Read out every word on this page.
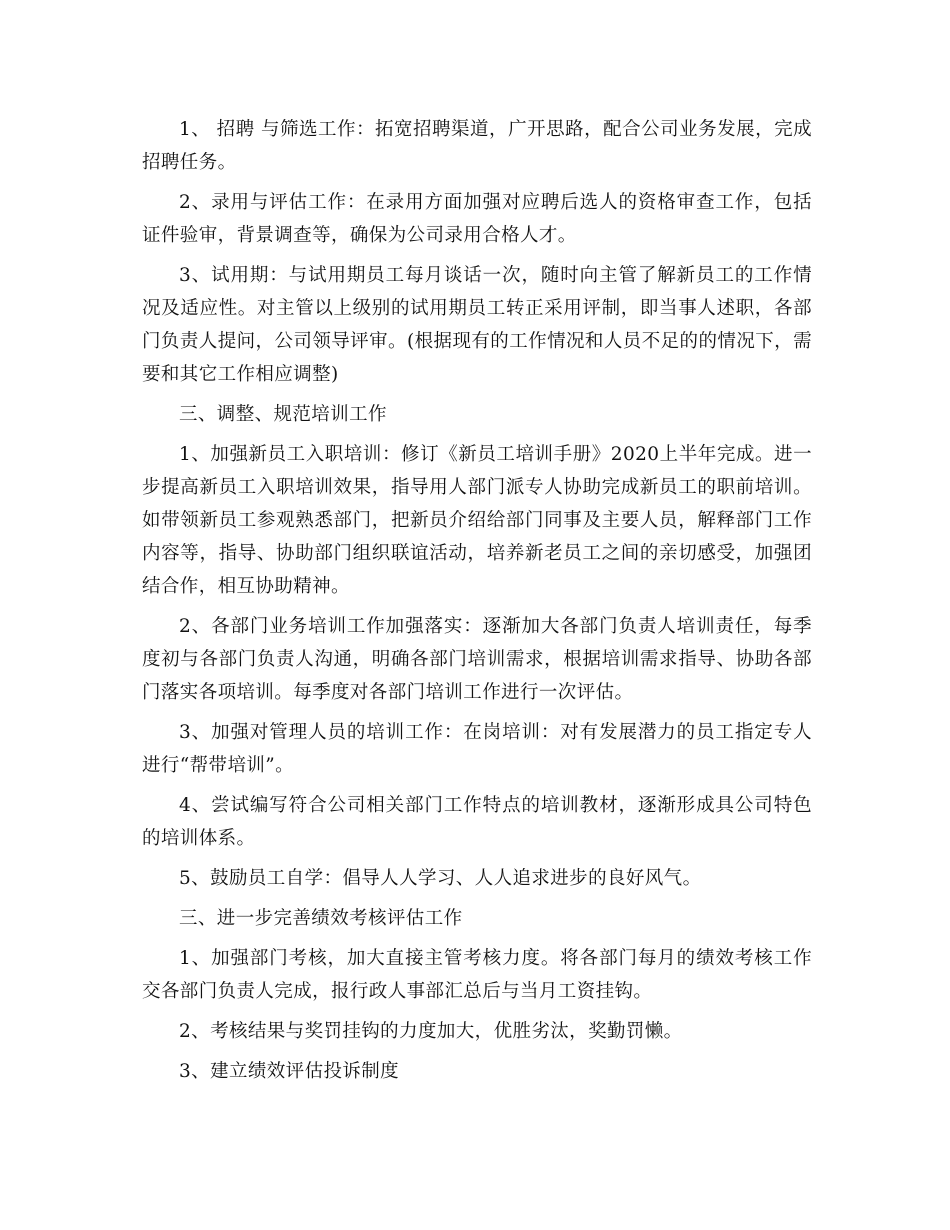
1、 招聘 与筛选工作：拓宽招聘渠道，广开思路，配合公司业务发展，完成招聘任务。

2、录用与评估工作：在录用方面加强对应聘后选人的资格审查工作，包括证件验审，背景调查等，确保为公司录用合格人才。

3、试用期：与试用期员工每月谈话一次，随时向主管了解新员工的工作情况及适应性。对主管以上级别的试用期员工转正采用评制，即当事人述职，各部门负责人提问，公司领导评审。(根据现有的工作情况和人员不足的的情况下，需要和其它工作相应调整)

三、调整、规范培训工作

1、加强新员工入职培训：修订《新员工培训手册》2020上半年完成。进一步提高新员工入职培训效果，指导用人部门派专人协助完成新员工的职前培训。如带领新员工参观熟悉部门，把新员介绍给部门同事及主要人员，解释部门工作内容等，指导、协助部门组织联谊活动，培养新老员工之间的亲切感受，加强团结合作，相互协助精神。

2、各部门业务培训工作加强落实：逐渐加大各部门负责人培训责任，每季度初与各部门负责人沟通，明确各部门培训需求，根据培训需求指导、协助各部门落实各项培训。每季度对各部门培训工作进行一次评估。

3、加强对管理人员的培训工作：在岗培训：对有发展潜力的员工指定专人进行“帮带培训”。

4、尝试编写符合公司相关部门工作特点的培训教材，逐渐形成具公司特色的培训体系。

5、鼓励员工自学：倡导人人学习、人人追求进步的良好风气。

三、进一步完善绩效考核评估工作

1、加强部门考核，加大直接主管考核力度。将各部门每月的绩效考核工作交各部门负责人完成，报行政人事部汇总后与当月工资挂钩。

2、考核结果与奖罚挂钩的力度加大，优胜劣汰，奖勤罚懒。

3、建立绩效评估投诉制度
